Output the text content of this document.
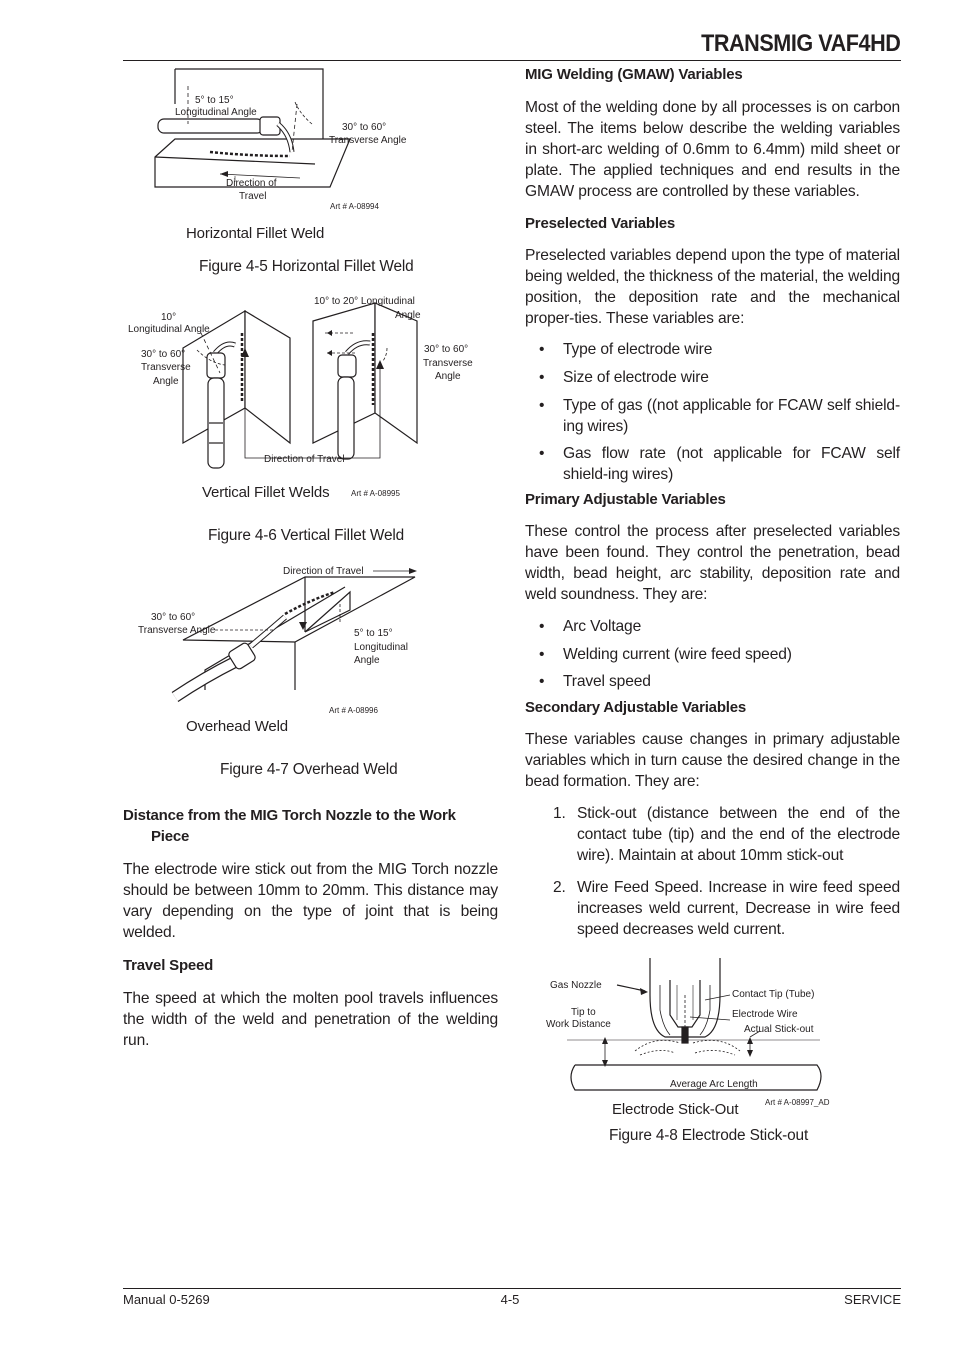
TRANSMIG VAF4HD
5° to 15°
Longitudinal Angle
30° to 60°
Transverse Angle
Direction of
Travel
Art # A-08994
Horizontal Fillet Weld
Figure 4-5 Horizontal Fillet Weld
10°
Longitudinal Angle
30° to 60°
Transverse
Angle
10° to 20° Longitudinal
Angle
30° to 60°
Transverse
Angle
Direction of Travel
Art # A-08995
Vertical Fillet Welds
Figure 4-6 Vertical Fillet Weld
Direction of Travel
30° to 60°
Transverse Angle	5° to 15°
Longitudinal
Angle
Art # A-08996
Overhead Weld
Figure 4-7 Overhead Weld
Distance from the MIG Torch Nozzle to the Work
Piece
The electrode wire stick out from the MIG Torch nozzle should be between 10mm to 20mm. This distance may vary depending on the type of joint that is being welded.
Travel Speed
The speed at which the molten pool travels influences the width of the weld and penetration of the welding run.
MIG Welding (GMAW) Variables
Most of the welding done by all processes is on carbon steel. The items below describe the welding variables in short-arc welding of 0.6mm to 6.4mm) mild sheet or plate. The applied techniques and end results in the GMAW process are controlled by these variables.
Preselected Variables
Preselected variables depend upon the type of material being welded, the thickness of the material, the welding position, the deposition rate and the mechanical proper-ties. These variables are:
• Type of electrode wire
• Size of electrode wire
• Type of gas ((not applicable for FCAW self shield-ing wires)
• Gas flow rate (not applicable for FCAW self shield-ing wires)
Primary Adjustable Variables
These control the process after preselected variables have been found. They control the penetration, bead width, bead height, arc stability, deposition rate and weld soundness. They are:
• Arc Voltage
• Welding current (wire feed speed)
• Travel speed
Secondary Adjustable Variables
These variables cause changes in primary adjustable variables which in turn cause the desired change in the bead formation. They are:
1. Stick-out (distance between the end of the contact tube (tip) and the end of the electrode wire). Maintain at about 10mm stick-out
2. Wire Feed Speed. Increase in wire feed speed increases weld current, Decrease in wire feed speed decreases weld current.
Gas Nozzle
Contact Tip (Tube)
Tip to
Work Distance
Electrode Wire
Actual Stick-out
Average Arc Length
Art # A-08997_AD
Electrode Stick-Out
Figure 4-8 Electrode Stick-out
Manual 0-5269	4-5	SERVICE
